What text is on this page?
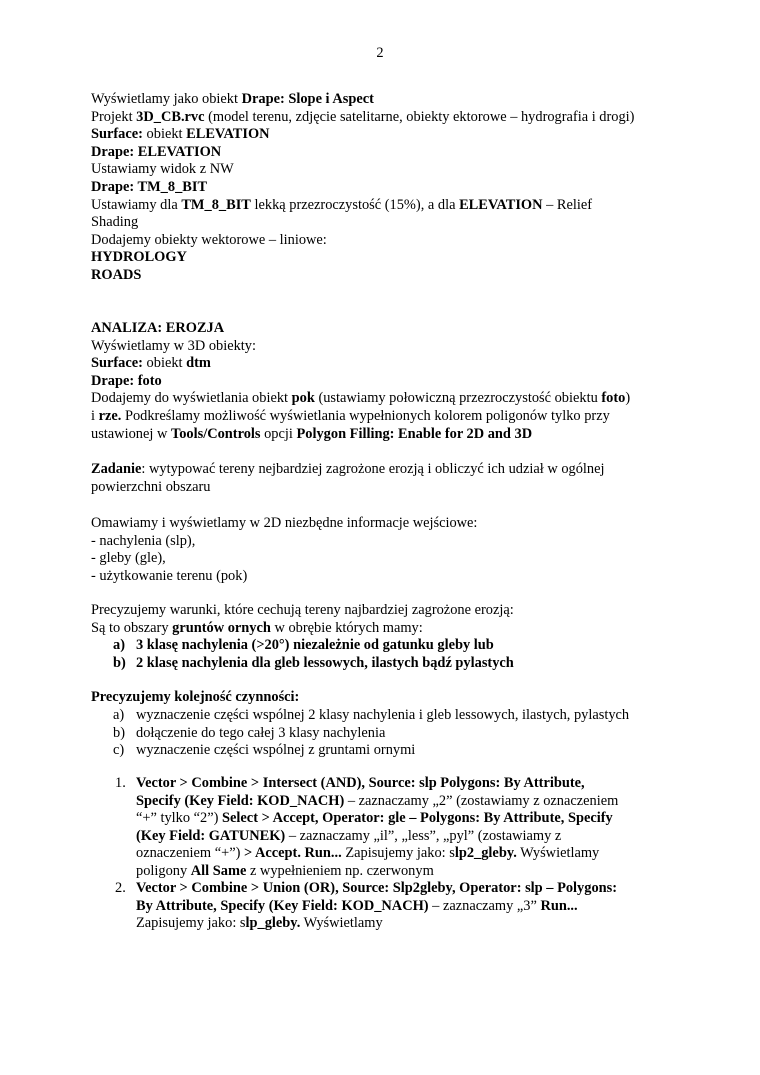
2
Wyświetlamy jako obiekt Drape: Slope i Aspect
Projekt 3D_CB.rvc (model terenu, zdjęcie satelitarne, obiekty ektorowe – hydrografia i drogi)
Surface: obiekt ELEVATION
Drape: ELEVATION
Ustawiamy widok z NW
Drape: TM_8_BIT
Ustawiamy dla TM_8_BIT lekką przezroczystość (15%), a dla ELEVATION – Relief
Shading
Dodajemy obiekty wektorowe – liniowe:
HYDROLOGY
ROADS
ANALIZA: EROZJA
Wyświetlamy w 3D obiekty:
Surface: obiekt dtm
Drape: foto
Dodajemy do wyświetlania obiekt pok (ustawiamy połowiczną przezroczystość obiektu foto)
i rze. Podkreślamy możliwość wyświetlania wypełnionych kolorem poligonów tylko przy
ustawionej w Tools/Controls opcji Polygon Filling: Enable for 2D and 3D
Zadanie: wytypować tereny nejbardziej zagrożone erozją i obliczyć ich udział w ogólnej
powierzchni obszaru
Omawiamy i wyświetlamy w 2D niezbędne informacje wejściowe:
- nachylenia (slp),
- gleby (gle),
- użytkowanie terenu (pok)
Precyzujemy warunki, które cechują tereny najbardziej zagrożone erozją:
Są to obszary gruntów ornych w obrębie których mamy:
a) 3 klasę nachylenia (>20°) niezależnie od gatunku gleby lub
b) 2 klasę nachylenia dla gleb lessowych, ilastych bądź pylastych
Precyzujemy kolejność czynności:
a) wyznaczenie części wspólnej 2 klasy nachylenia i gleb lessowych, ilastych, pylastych
b) dołączenie do tego całej 3 klasy nachylenia
c) wyznaczenie części wspólnej z gruntami ornymi
1. Vector > Combine > Intersect (AND), Source: slp Polygons: By Attribute,
Specify (Key Field: KOD_NACH) – zaznaczamy „2” (zostawiamy z oznaczeniem
“+” tylko “2”) Select > Accept, Operator: gle – Polygons: By Attribute, Specify
(Key Field: GATUNEK) – zaznaczamy „il”, „less”, „pyl” (zostawiamy z
oznaczeniem “+”) > Accept. Run... Zapisujemy jako: slp2_gleby. Wyświetlamy
poligony All Same z wypełnieniem np. czerwonym
2. Vector > Combine > Union (OR), Source: Slp2gleby, Operator: slp – Polygons:
By Attribute, Specify (Key Field: KOD_NACH) – zaznaczamy „3” Run...
Zapisujemy jako: slp_gleby. Wyświetlamy
